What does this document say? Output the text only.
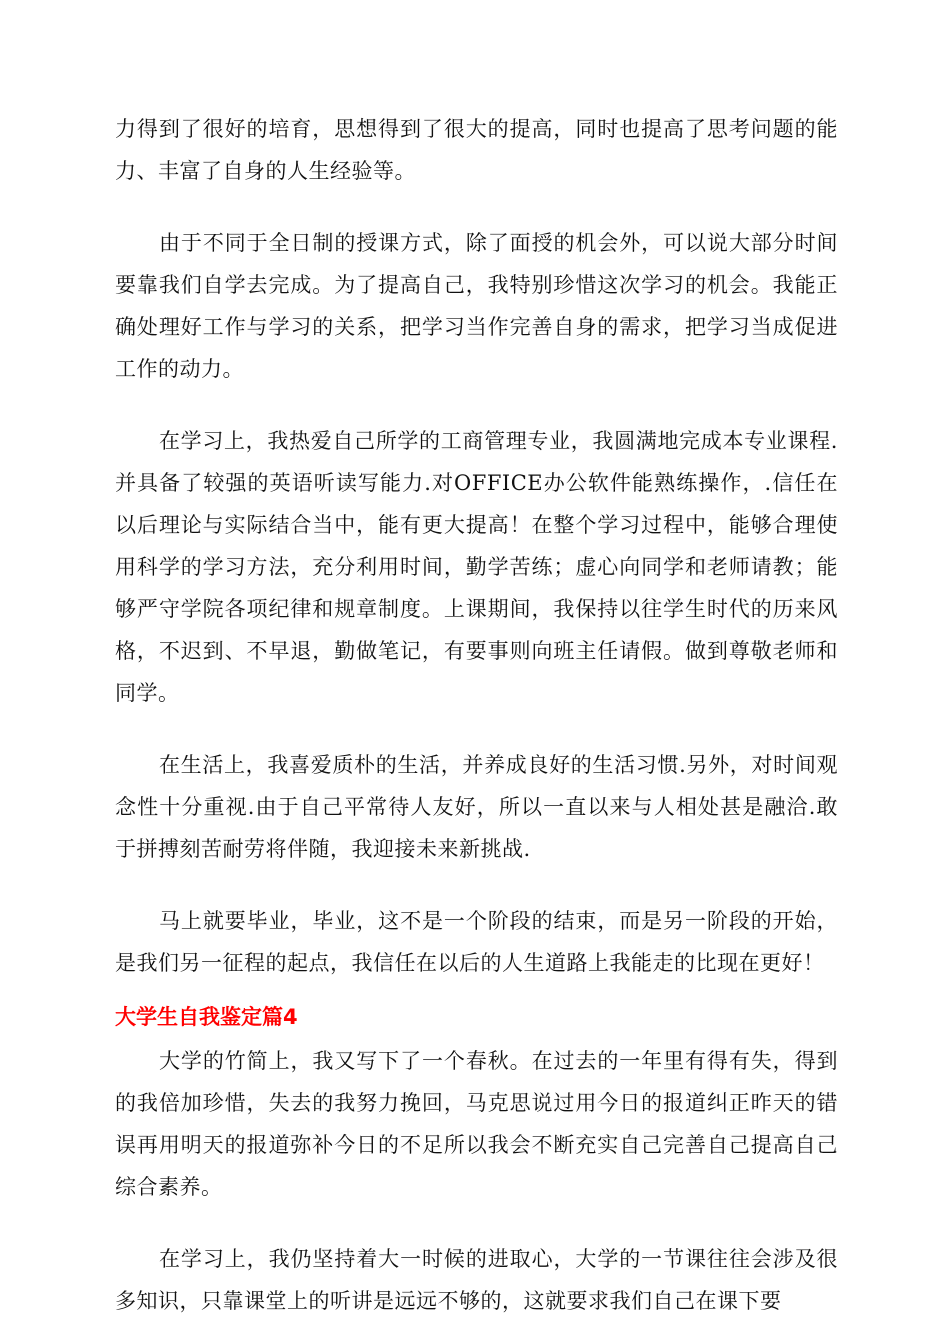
力得到了很好的培育，思想得到了很大的提高，同时也提高了思考问题的能力、丰富了自身的人生经验等。

由于不同于全日制的授课方式，除了面授的机会外，可以说大部分时间要靠我们自学去完成。为了提高自己，我特别珍惜这次学习的机会。我能正确处理好工作与学习的关系，把学习当作完善自身的需求，把学习当成促进工作的动力。

在学习上，我热爱自己所学的工商管理专业，我圆满地完成本专业课程.并具备了较强的英语听读写能力.对OFFICE办公软件能熟练操作，.信任在以后理论与实际结合当中，能有更大提高！在整个学习过程中，能够合理使用科学的学习方法，充分利用时间，勤学苦练；虚心向同学和老师请教；能够严守学院各项纪律和规章制度。上课期间，我保持以往学生时代的历来风格，不迟到、不早退，勤做笔记，有要事则向班主任请假。做到尊敬老师和同学。

在生活上，我喜爱质朴的生活，并养成良好的生活习惯.另外，对时间观念性十分重视.由于自己平常待人友好，所以一直以来与人相处甚是融洽.敢于拼搏刻苦耐劳将伴随，我迎接未来新挑战.

马上就要毕业，毕业，这不是一个阶段的结束，而是另一阶段的开始，是我们另一征程的起点，我信任在以后的人生道路上我能走的比现在更好！

大学生自我鉴定篇4

大学的竹简上，我又写下了一个春秋。在过去的一年里有得有失，得到的我倍加珍惜，失去的我努力挽回，马克思说过用今日的报道纠正昨天的错误再用明天的报道弥补今日的不足所以我会不断充实自己完善自己提高自己综合素养。

在学习上，我仍坚持着大一时候的进取心，大学的一节课往往会涉及很多知识，只靠课堂上的听讲是远远不够的，这就要求我们自己在课下要
